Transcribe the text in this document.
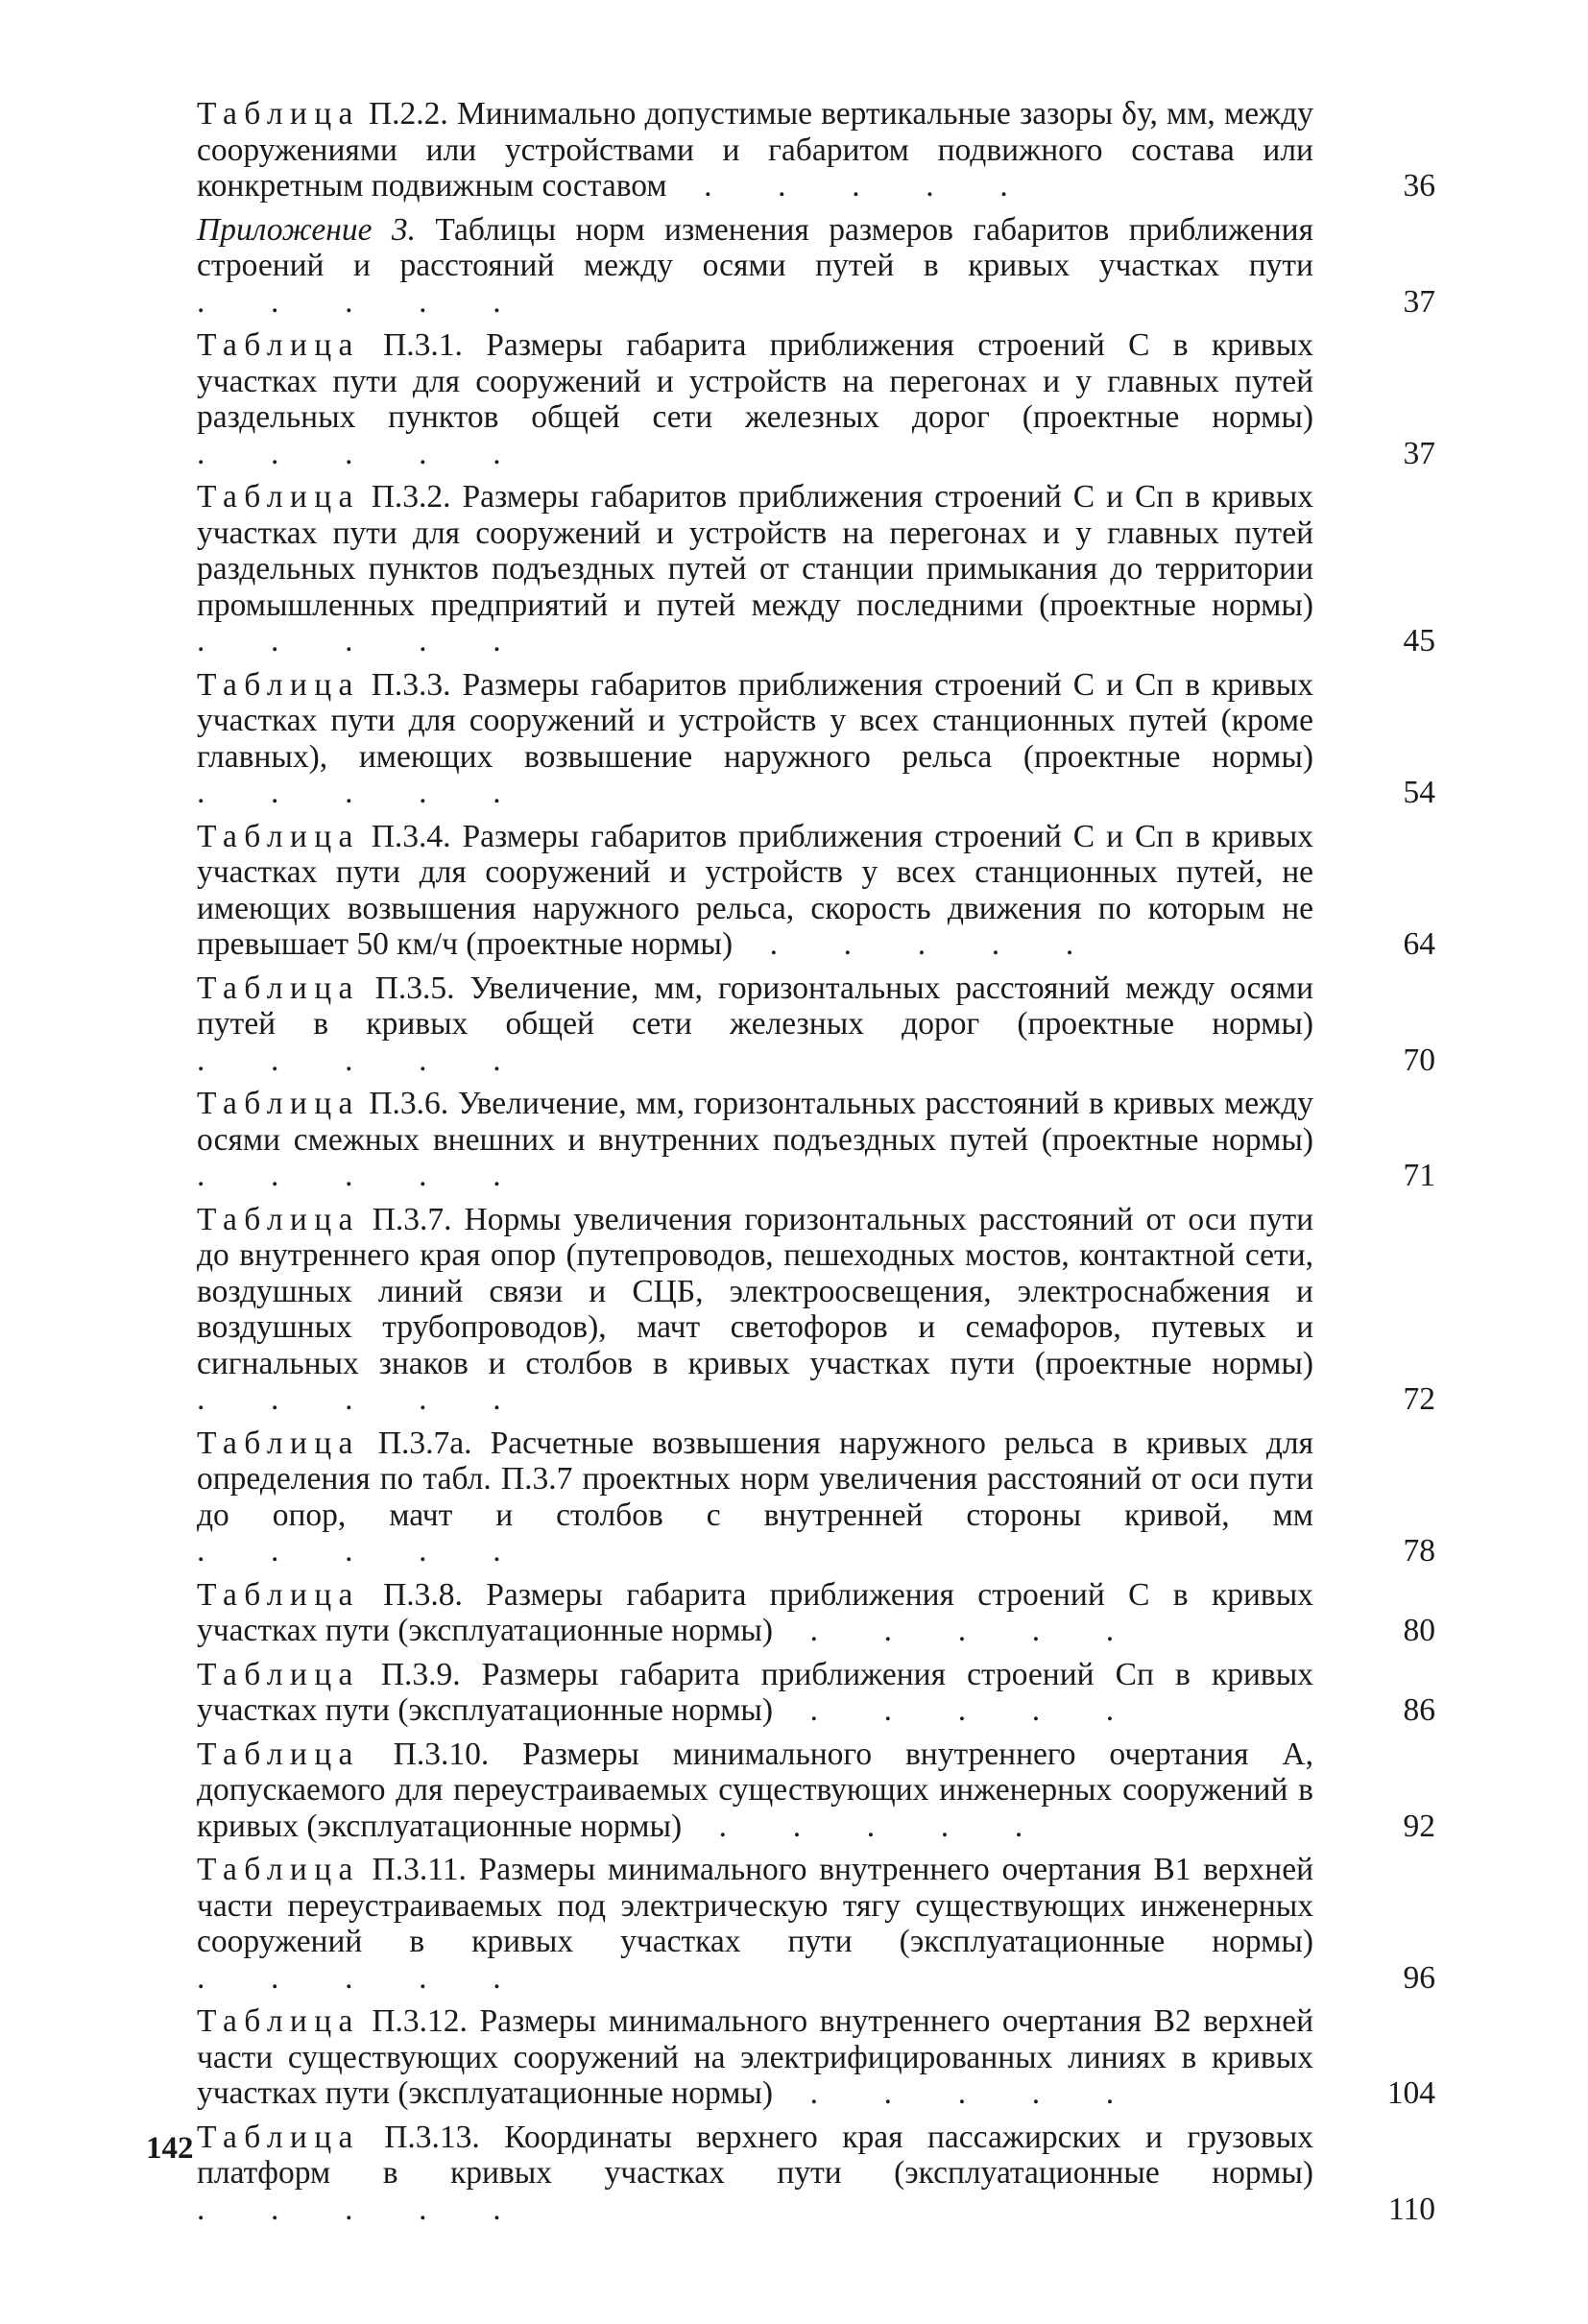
Таблица П.2.2. Минимально допустимые вертикальные зазоры δу, мм, между сооружениями или устройствами и габаритом подвижного состава или конкретным подвижным составом . . . . .	36
Приложение 3. Таблицы норм изменения размеров габаритов приближения строений и расстояний между осями путей в кривых участках пути . . . . .	37
Таблица П.3.1. Размеры габарита приближения строений С в кривых участках пути для сооружений и устройств на перегонах и у главных путей раздельных пунктов общей сети железных дорог (проектные нормы) . . . . .	37
Таблица П.3.2. Размеры габаритов приближения строений С и Сп в кривых участках пути для сооружений и устройств на перегонах и у главных путей раздельных пунктов подъездных путей от станции примыкания до территории промышленных предприятий и путей между последними (проектные нормы) . . . . .	45
Таблица П.3.3. Размеры габаритов приближения строений С и Сп в кривых участках пути для сооружений и устройств у всех станционных путей (кроме главных), имеющих возвышение наружного рельса (проектные нормы) . . . . .	54
Таблица П.3.4. Размеры габаритов приближения строений С и Сп в кривых участках пути для сооружений и устройств у всех станционных путей, не имеющих возвышения наружного рельса, скорость движения по которым не превышает 50 км/ч (проектные нормы) . . . . .	64
Таблица П.3.5. Увеличение, мм, горизонтальных расстояний между осями путей в кривых общей сети железных дорог (проектные нормы) . . . . .	70
Таблица П.3.6. Увеличение, мм, горизонтальных расстояний в кривых между осями смежных внешних и внутренних подъездных путей (проектные нормы) . . . . .	71
Таблица П.3.7. Нормы увеличения горизонтальных расстояний от оси пути до внутреннего края опор (путепроводов, пешеходных мостов, контактной сети, воздушных линий связи и СЦБ, электроосвещения, электроснабжения и воздушных трубопроводов), мачт светофоров и семафоров, путевых и сигнальных знаков и столбов в кривых участках пути (проектные нормы) . . . . .	72
Таблица П.3.7а. Расчетные возвышения наружного рельса в кривых для определения по табл. П.3.7 проектных норм увеличения расстояний от оси пути до опор, мачт и столбов с внутренней стороны кривой, мм . . . . .	78
Таблица П.3.8. Размеры габарита приближения строений С в кривых участках пути (эксплуатационные нормы) . . . . .	80
Таблица П.3.9. Размеры габарита приближения строений Сп в кривых участках пути (эксплуатационные нормы) . . . . .	86
Таблица П.3.10. Размеры минимального внутреннего очертания А, допускаемого для переустраиваемых существующих инженерных сооружений в кривых (эксплуатационные нормы) . . . . .	92
Таблица П.3.11. Размеры минимального внутреннего очертания В1 верхней части переустраиваемых под электрическую тягу существующих инженерных сооружений в кривых участках пути (эксплуатационные нормы) . . . . .	96
Таблица П.3.12. Размеры минимального внутреннего очертания В2 верхней части существующих сооружений на электрифицированных линиях в кривых участках пути (эксплуатационные нормы) . . . . .	104
Таблица П.3.13. Координаты верхнего края пассажирских и грузовых платформ в кривых участках пути (эксплуатационные нормы) . . . . .	110
142
